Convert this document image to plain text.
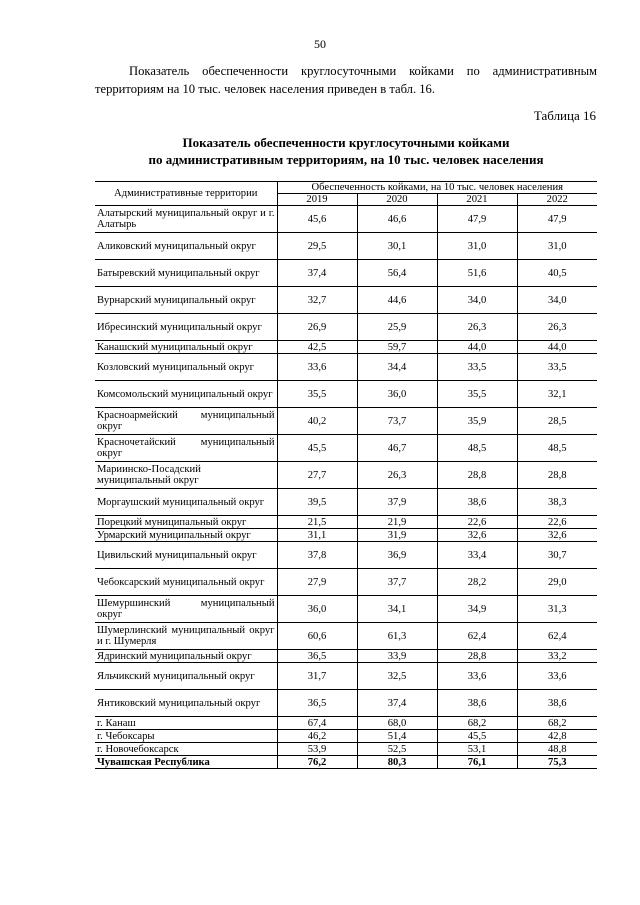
50
Показатель обеспеченности круглосуточными койками по административным территориям на 10 тыс. человек населения приведен в табл. 16.
Таблица 16
Показатель обеспеченности круглосуточными койками
по административным территориям, на 10 тыс. человек населения
Административные территории	Обеспеченность койками, на 10 тыс. человек населения			
	2019	2020	2021	2022
Алатырский муниципальный округ и г. Алатырь	45,6	46,6	47,9	47,9
Аликовский муниципальный округ	29,5	30,1	31,0	31,0
Батыревский муниципальный округ	37,4	56,4	51,6	40,5
Вурнарский муниципальный округ	32,7	44,6	34,0	34,0
Ибресинский муниципальный округ	26,9	25,9	26,3	26,3
Канашский муниципальный округ	42,5	59,7	44,0	44,0
Козловский муниципальный округ	33,6	34,4	33,5	33,5
Комсомольский муниципальный округ	35,5	36,0	35,5	32,1
Красноармейский муниципальный округ	40,2	73,7	35,9	28,5
Красночетайский муниципальный округ	45,5	46,7	48,5	48,5
Мариинско-Посадский муниципальный округ	27,7	26,3	28,8	28,8
Моргаушский муниципальный округ	39,5	37,9	38,6	38,3
Порецкий муниципальный округ	21,5	21,9	22,6	22,6
Урмарский муниципальный округ	31,1	31,9	32,6	32,6
Цивильский муниципальный округ	37,8	36,9	33,4	30,7
Чебоксарский муниципальный округ	27,9	37,7	28,2	29,0
Шемуршинский муниципальный округ	36,0	34,1	34,9	31,3
Шумерлинский муниципальный округ и г. Шумерля	60,6	61,3	62,4	62,4
Ядринский муниципальный округ	36,5	33,9	28,8	33,2
Яльчикский муниципальный округ	31,7	32,5	33,6	33,6
Янтиковский муниципальный округ	36,5	37,4	38,6	38,6
г. Канаш	67,4	68,0	68,2	68,2
г. Чебоксары	46,2	51,4	45,5	42,8
г. Новочебоксарск	53,9	52,5	53,1	48,8
Чувашская Республика	76,2	80,3	76,1	75,3
